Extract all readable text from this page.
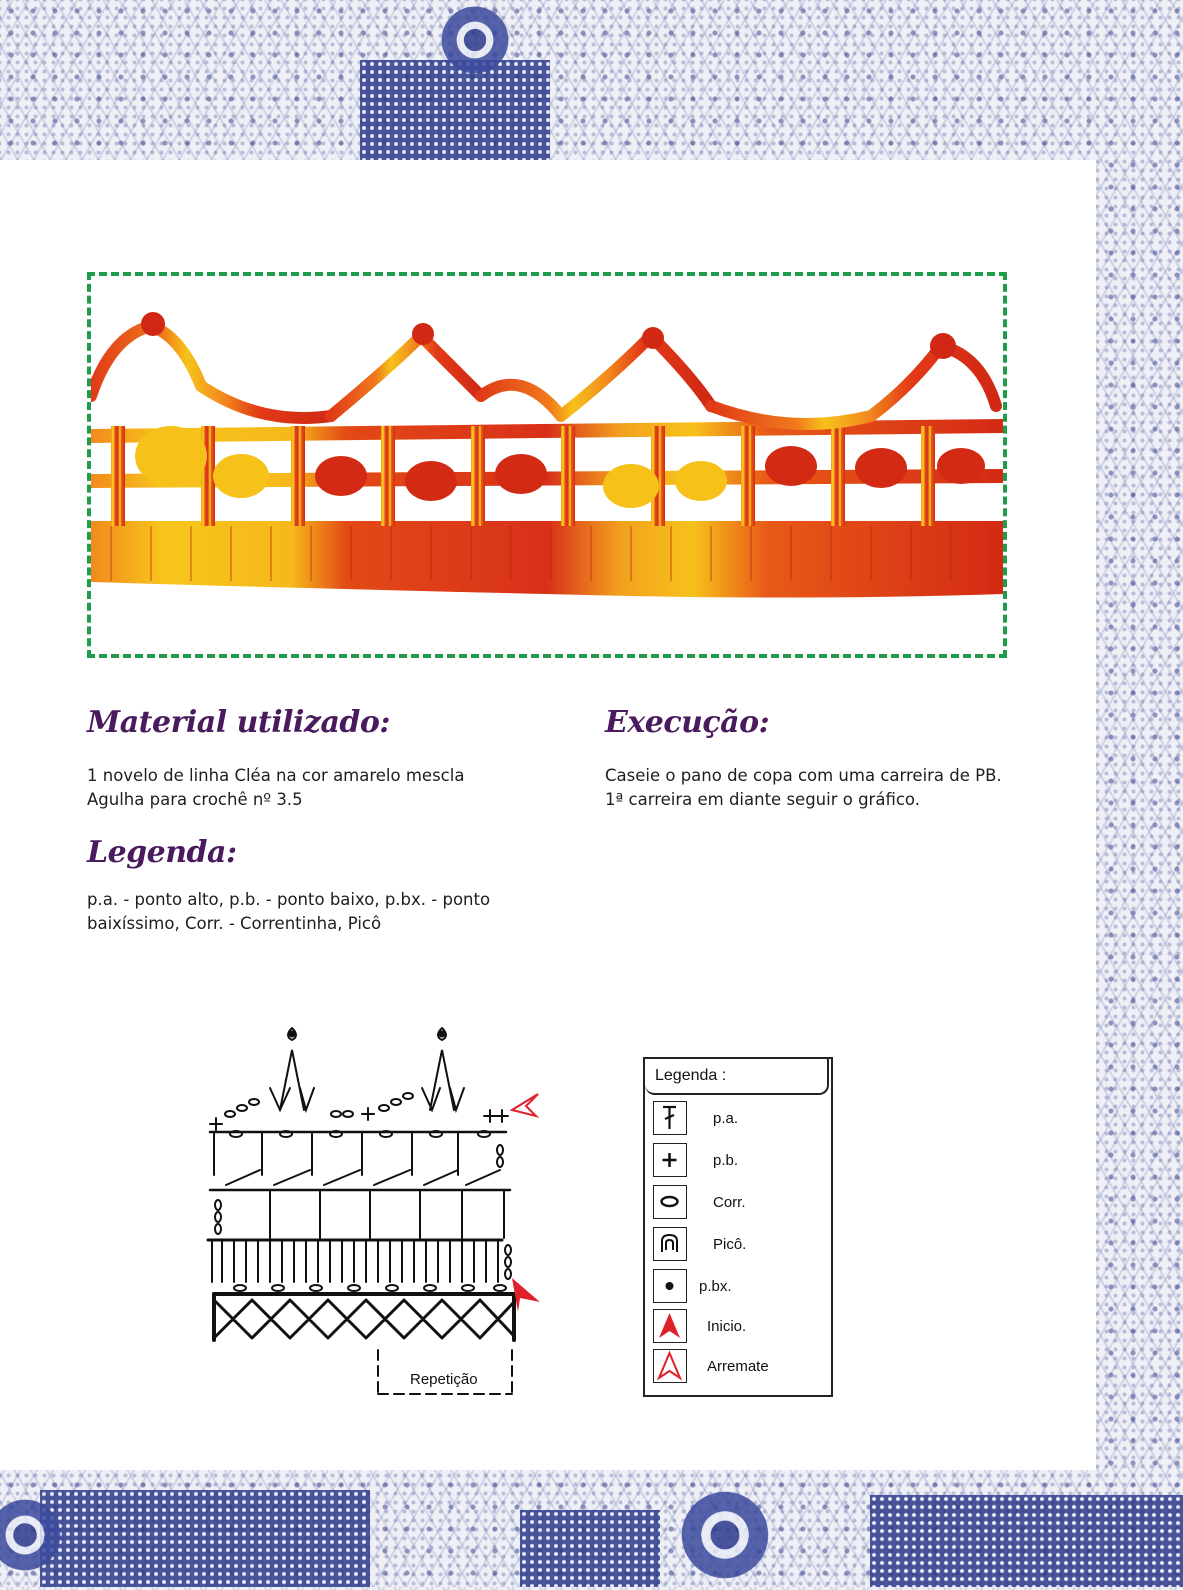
Material utilizado:

1 novelo de linha Cléa na cor amarelo mescla

Agulha para crochê nº 3.5

Execução:

Caseie o pano de copa com uma carreira de PB.

1ª carreira em diante seguir o gráfico.

Legenda:

p.a. - ponto alto, p.b. - ponto baixo, p.bx. - ponto

baixíssimo, Corr. - Correntinha, Picô

Repetição
Legenda :
p.a.
p.b.
Corr.
Picô.
p.bx.
Inicio.
Arremate
